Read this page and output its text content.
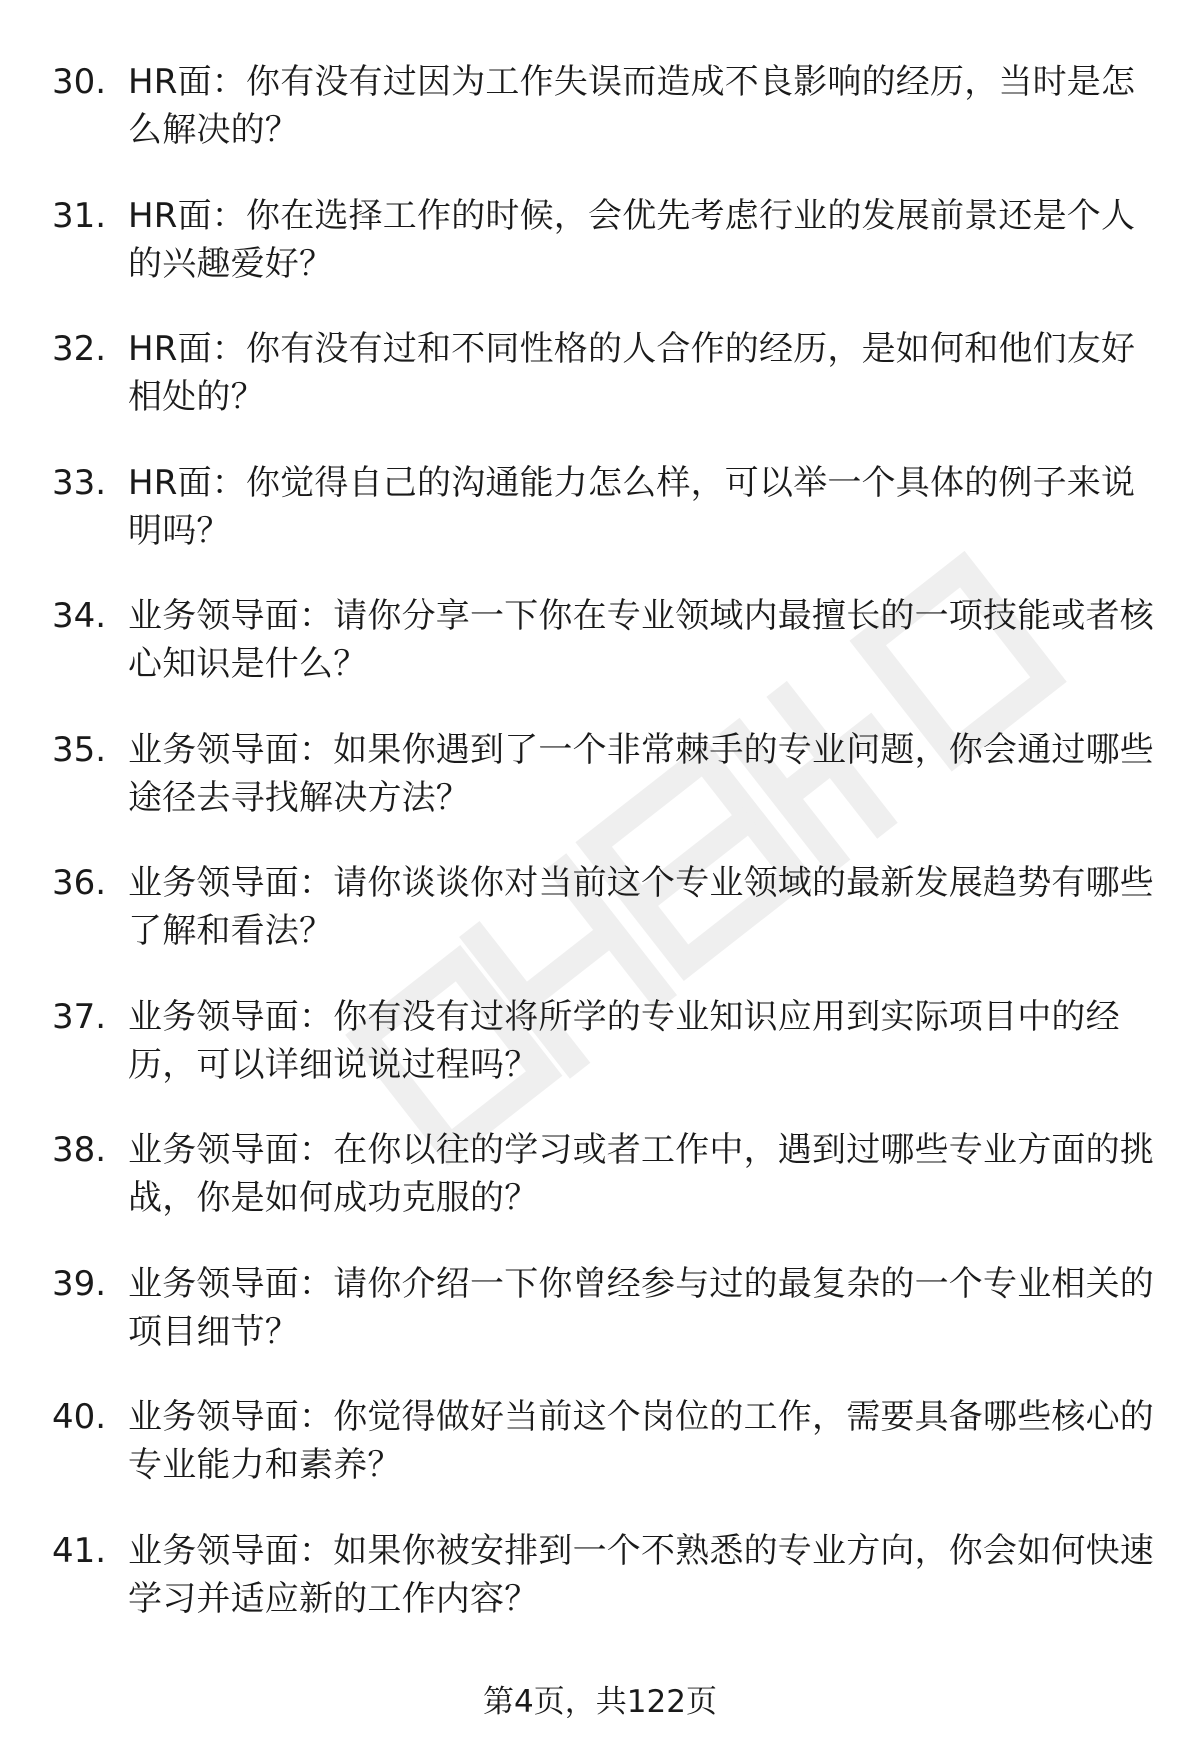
30. HR面：你有没有过因为工作失误而造成不良影响的经历，当时是怎么解决的？
31. HR面：你在选择工作的时候，会优先考虑行业的发展前景还是个人的兴趣爱好？
32. HR面：你有没有过和不同性格的人合作的经历，是如何和他们友好相处的？
33. HR面：你觉得自己的沟通能力怎么样，可以举一个具体的例子来说明吗？
34. 业务领导面：请你分享一下你在专业领域内最擅长的一项技能或者核心知识是什么？
35. 业务领导面：如果你遇到了一个非常棘手的专业问题，你会通过哪些途径去寻找解决方法？
36. 业务领导面：请你谈谈你对当前这个专业领域的最新发展趋势有哪些了解和看法？
37. 业务领导面：你有没有过将所学的专业知识应用到实际项目中的经历，可以详细说说过程吗？
38. 业务领导面：在你以往的学习或者工作中，遇到过哪些专业方面的挑战，你是如何成功克服的？
39. 业务领导面：请你介绍一下你曾经参与过的最复杂的一个专业相关的项目细节？
40. 业务领导面：你觉得做好当前这个岗位的工作，需要具备哪些核心的专业能力和素养？
41. 业务领导面：如果你被安排到一个不熟悉的专业方向，你会如何快速学习并适应新的工作内容？
第4页，共122页
